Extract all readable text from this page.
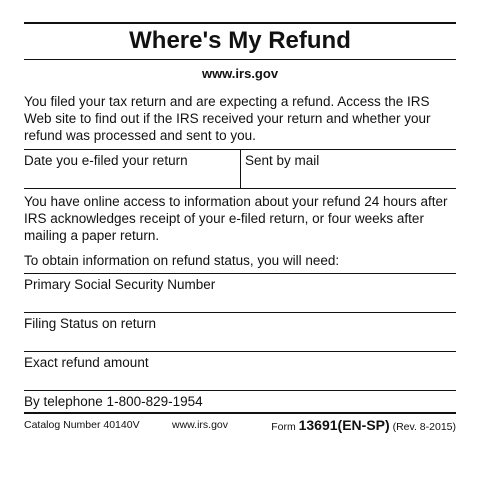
Where's My Refund
www.irs.gov
You filed your tax return and are expecting a refund. Access the IRS Web site to find out if the IRS received your return and whether your refund was processed and sent to you.
Date you e-filed your return	Sent by mail
You have online access to information about your refund 24 hours after IRS acknowledges receipt of your e-filed return, or four weeks after mailing a paper return.
To obtain information on refund status, you will need:
Primary Social Security Number
Filing Status on return
Exact refund amount
By telephone 1-800-829-1954
Catalog Number 40140V	www.irs.gov	Form 13691(EN-SP) (Rev. 8-2015)
